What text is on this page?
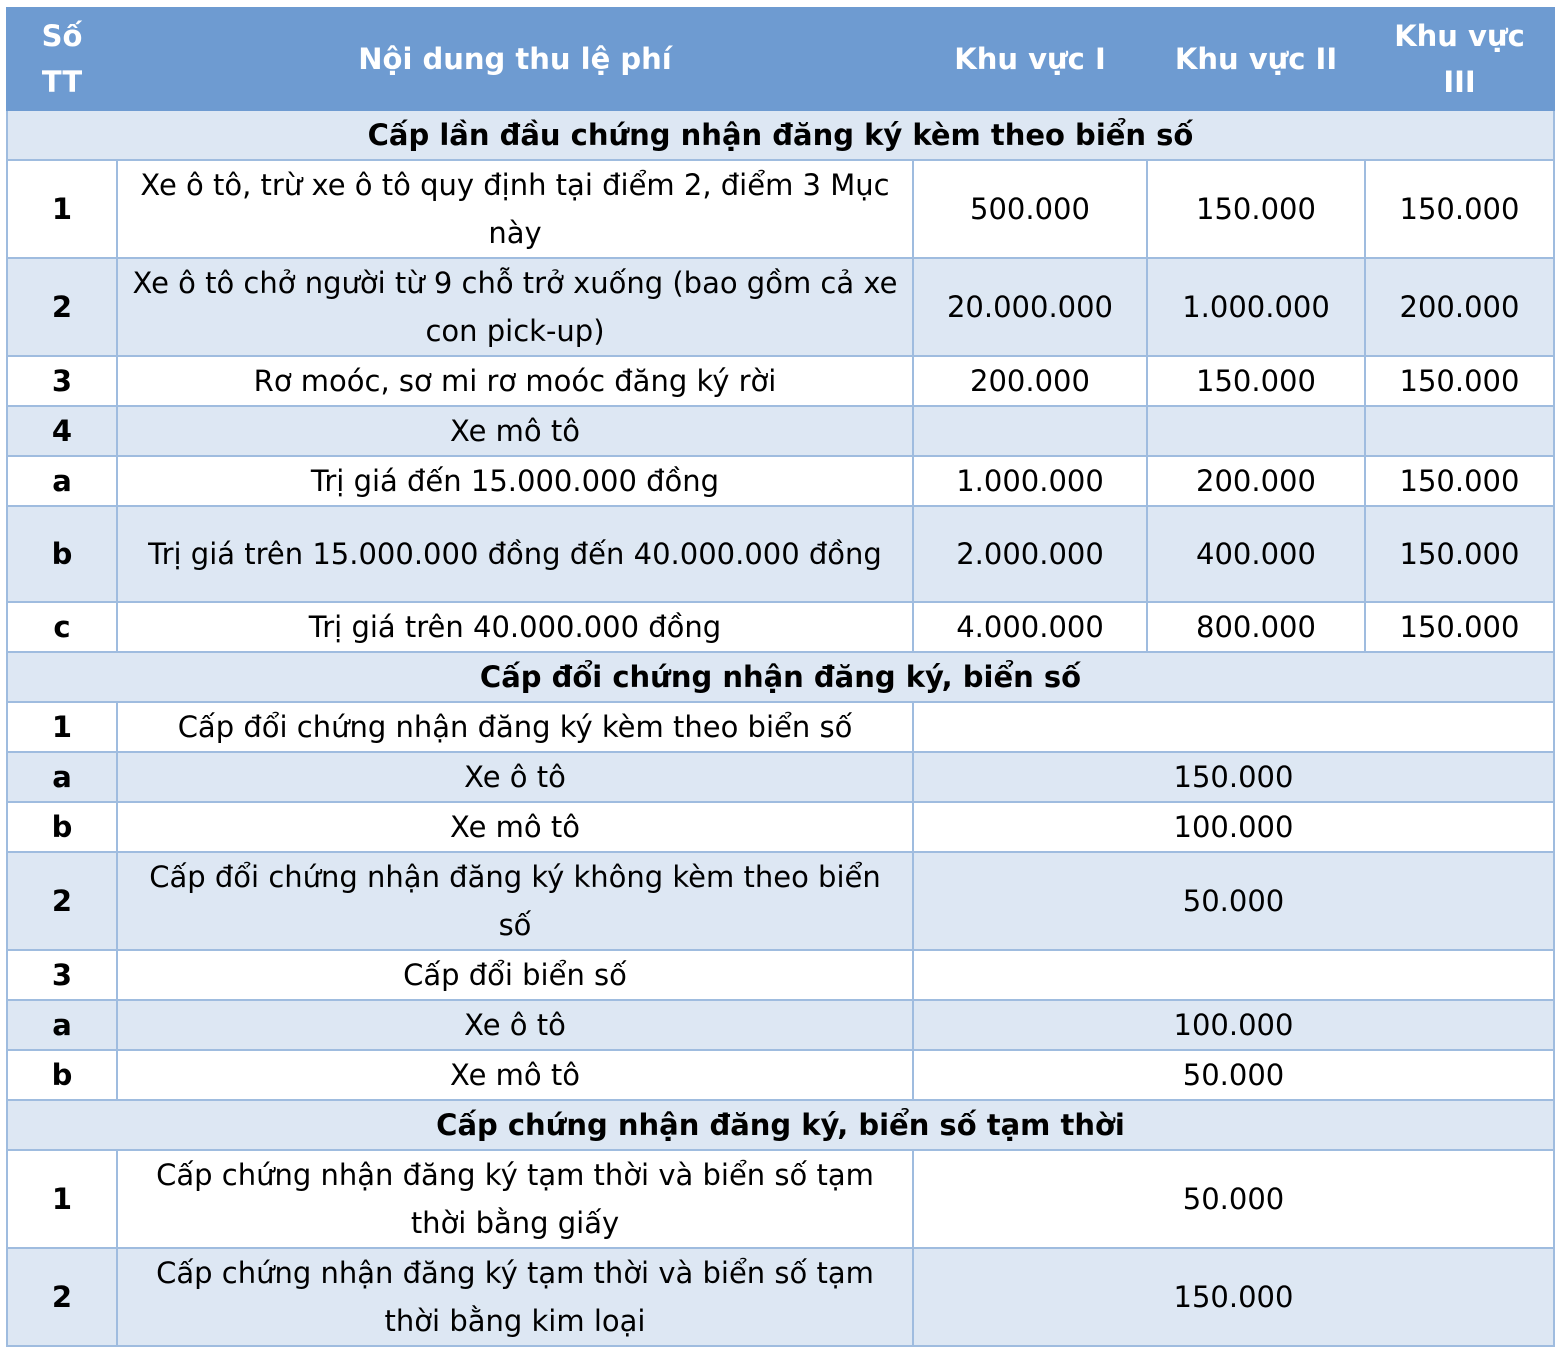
Số TT	Nội dung thu lệ phí	Khu vực I	Khu vực II	Khu vực III
Cấp lần đầu chứng nhận đăng ký kèm theo biển số				
1	Xe ô tô, trừ xe ô tô quy định tại điểm 2, điểm 3 Mục này	500.000	150.000	150.000
2	Xe ô tô chở người từ 9 chỗ trở xuống (bao gồm cả xe con pick-up)	20.000.000	1.000.000	200.000
3	Rơ moóc, sơ mi rơ moóc đăng ký rời	200.000	150.000	150.000
4	Xe mô tô			
a	Trị giá đến 15.000.000 đồng	1.000.000	200.000	150.000
b	Trị giá trên 15.000.000 đồng đến 40.000.000 đồng	2.000.000	400.000	150.000
c	Trị giá trên 40.000.000 đồng	4.000.000	800.000	150.000
Cấp đổi chứng nhận đăng ký, biển số				
1	Cấp đổi chứng nhận đăng ký kèm theo biển số			
a	Xe ô tô	150.000		
b	Xe mô tô	100.000		
2	Cấp đổi chứng nhận đăng ký không kèm theo biển số	50.000		
3	Cấp đổi biển số			
a	Xe ô tô	100.000		
b	Xe mô tô	50.000		
Cấp chứng nhận đăng ký, biển số tạm thời				
1	Cấp chứng nhận đăng ký tạm thời và biển số tạm thời bằng giấy	50.000		
2	Cấp chứng nhận đăng ký tạm thời và biển số tạm thời bằng kim loại	150.000		
